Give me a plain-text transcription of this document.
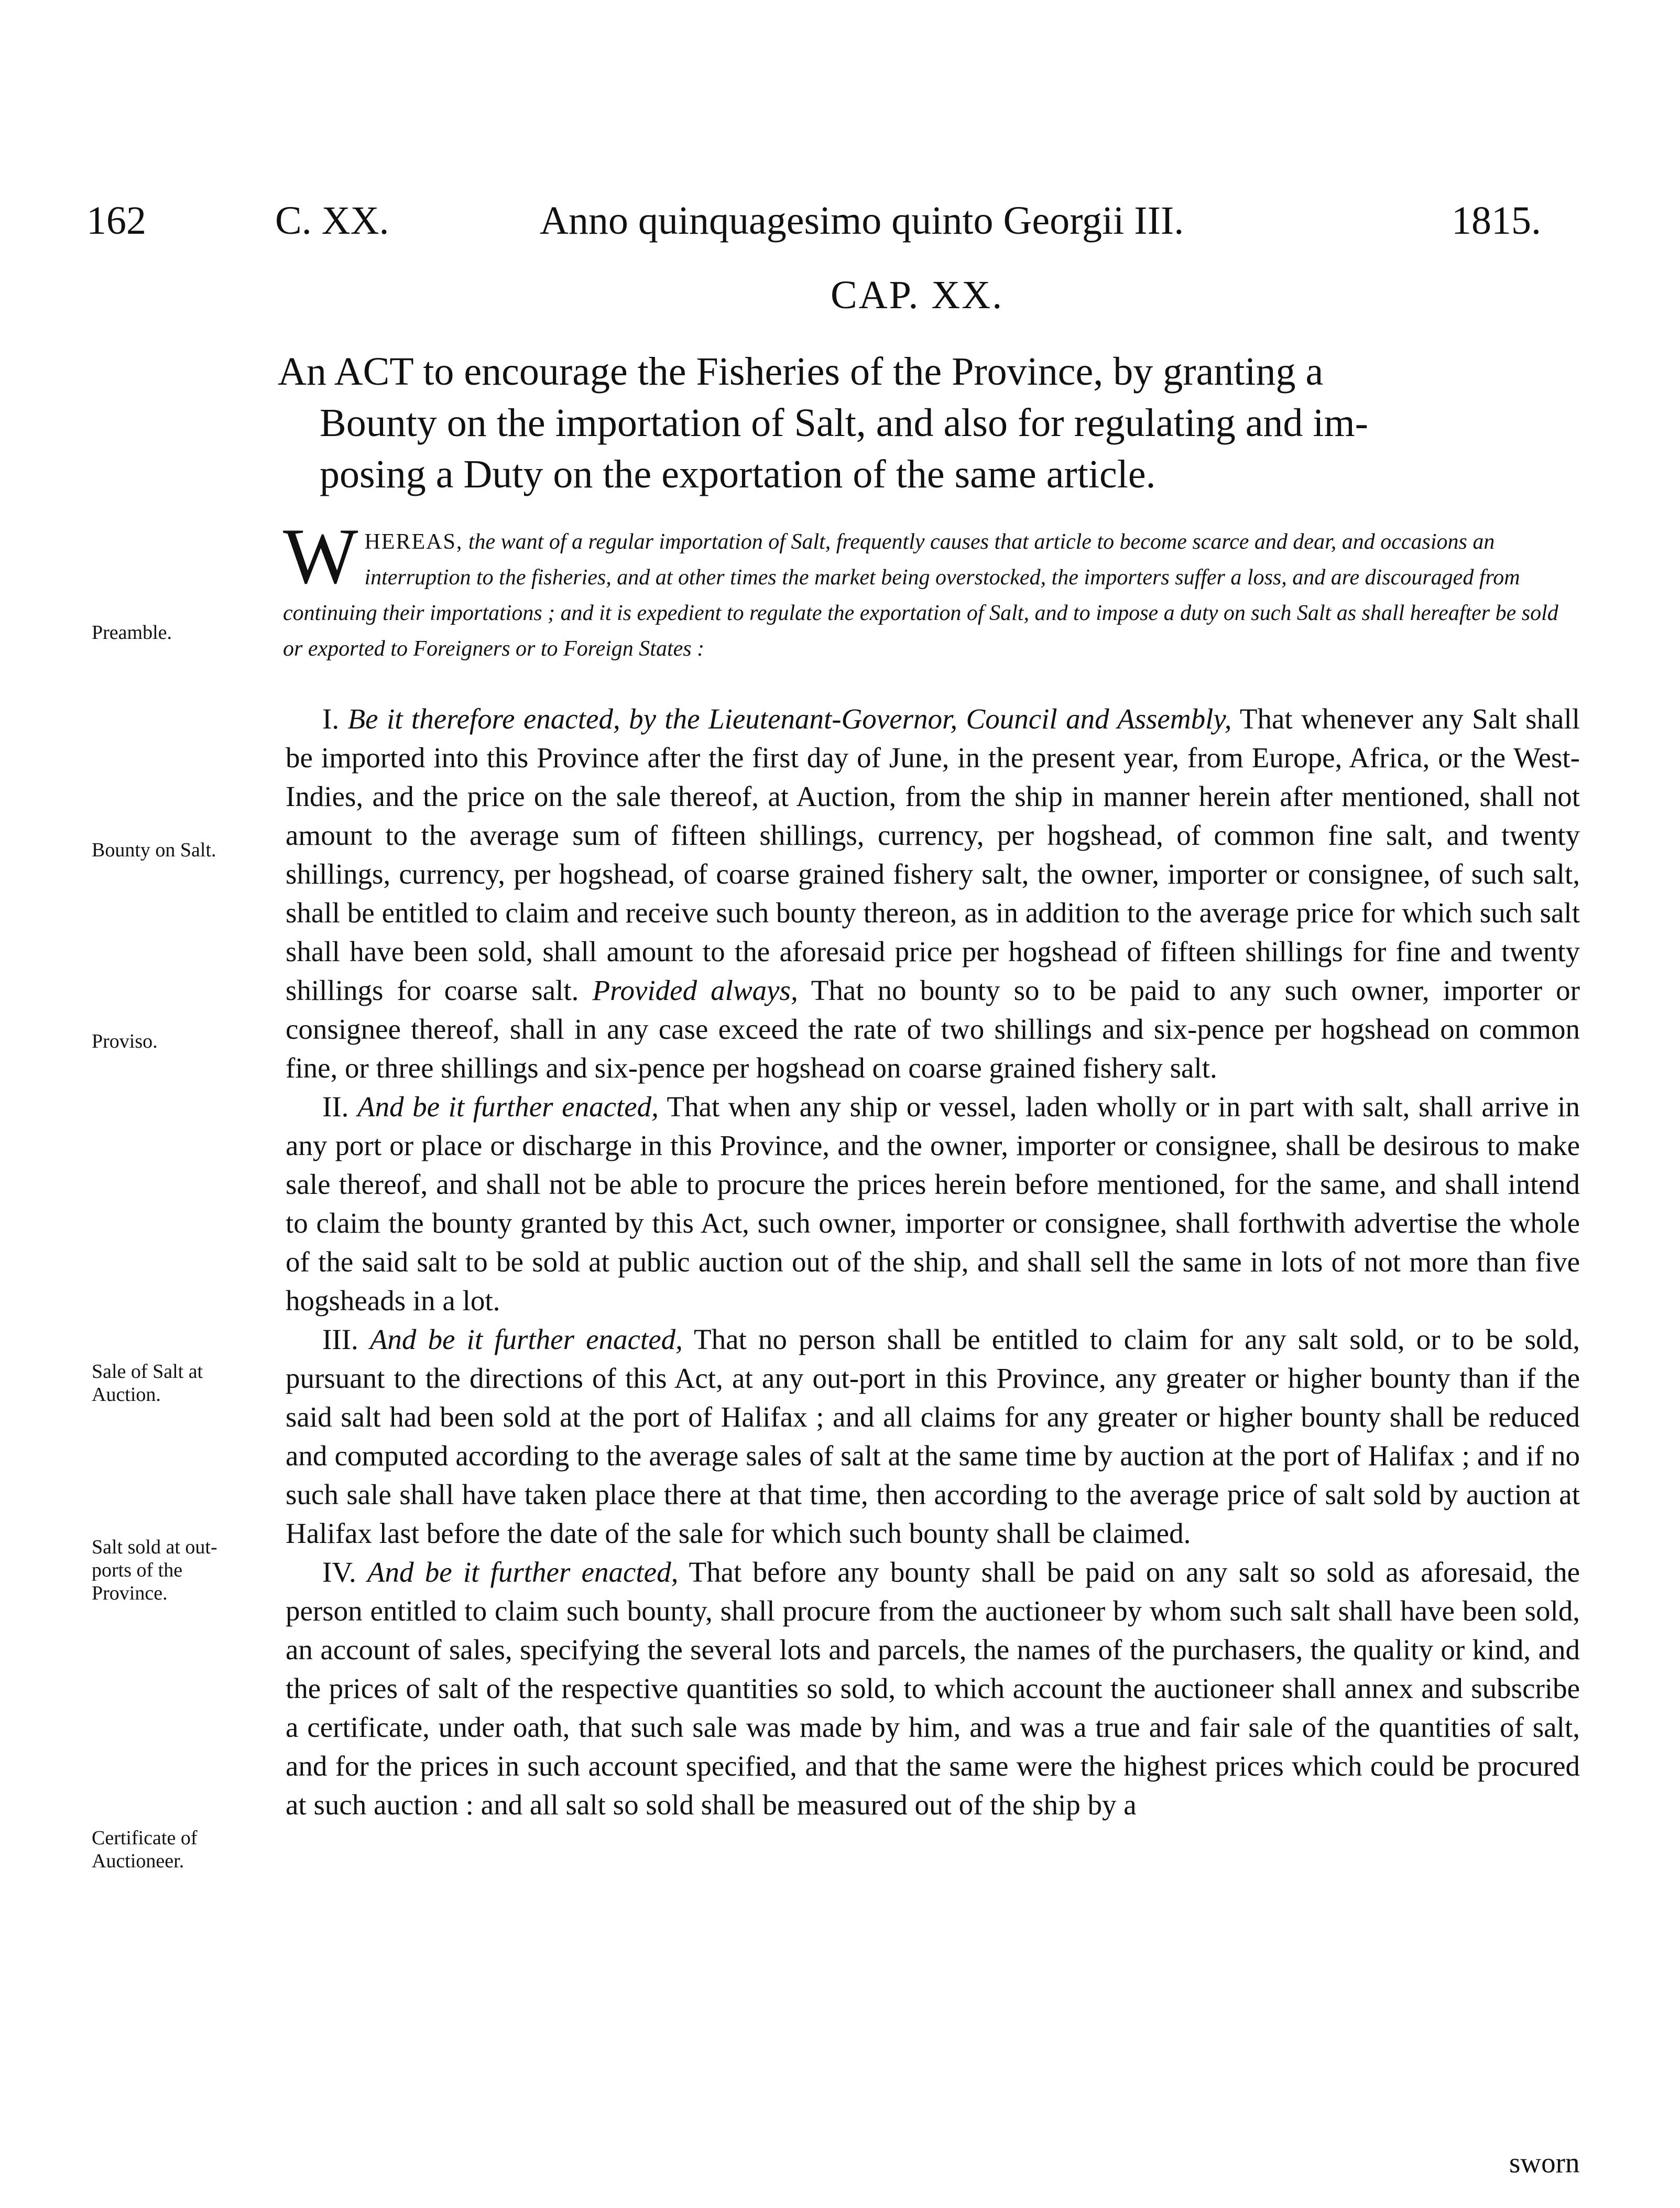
162	C. XX.	Anno quinquagesimo quinto Georgii III.	1815.
CAP. XX.
An ACT to encourage the Fisheries of the Province, by granting a
Bounty on the importation of Salt, and also for regulating and im-
posing a Duty on the exportation of the same article.
WHEREAS, the want of a regular importation of Salt, frequently causes that article to become scarce and dear, and occasions an interruption to the fisheries, and at other times the market being overstocked, the importers suffer a loss, and are discouraged from continuing their importations ; and it is expedient to regulate the exportation of Salt, and to impose a duty on such Salt as shall hereafter be sold or exported to Foreigners or to Foreign States :

I. Be it therefore enacted, by the Lieutenant-Governor, Council and Assembly, That whenever any Salt shall be imported into this Province after the first day of June, in the present year, from Europe, Africa, or the West-Indies, and the price on the sale thereof, at Auction, from the ship in manner herein after mentioned, shall not amount to the average sum of fifteen shillings, currency, per hogshead, of common fine salt, and twenty shillings, currency, per hogshead, of coarse grained fishery salt, the owner, importer or consignee, of such salt, shall be entitled to claim and receive such bounty thereon, as in addition to the average price for which such salt shall have been sold, shall amount to the aforesaid price per hogshead of fifteen shillings for fine and twenty shillings for coarse salt. Provided always, That no bounty so to be paid to any such owner, importer or consignee thereof, shall in any case exceed the rate of two shillings and six-pence per hogshead on common fine, or three shillings and six-pence per hogshead on coarse grained fishery salt.

II. And be it further enacted, That when any ship or vessel, laden wholly or in part with salt, shall arrive in any port or place or discharge in this Province, and the owner, importer or consignee, shall be desirous to make sale thereof, and shall not be able to procure the prices herein before mentioned, for the same, and shall intend to claim the bounty granted by this Act, such owner, importer or consignee, shall forthwith advertise the whole of the said salt to be sold at public auction out of the ship, and shall sell the same in lots of not more than five hogsheads in a lot.

III. And be it further enacted, That no person shall be entitled to claim for any salt sold, or to be sold, pursuant to the directions of this Act, at any out-port in this Province, any greater or higher bounty than if the said salt had been sold at the port of Halifax ; and all claims for any greater or higher bounty shall be reduced and computed according to the average sales of salt at the same time by auction at the port of Halifax ; and if no such sale shall have taken place there at that time, then according to the average price of salt sold by auction at Halifax last before the date of the sale for which such bounty shall be claimed.

IV. And be it further enacted, That before any bounty shall be paid on any salt so sold as aforesaid, the person entitled to claim such bounty, shall procure from the auctioneer by whom such salt shall have been sold, an account of sales, specifying the several lots and parcels, the names of the purchasers, the quality or kind, and the prices of salt of the respective quantities so sold, to which account the auctioneer shall annex and subscribe a certificate, under oath, that such sale was made by him, and was a true and fair sale of the quantities of salt, and for the prices in such account specified, and that the same were the highest prices which could be procured at such auction : and all salt so sold shall be measured out of the ship by a

Preamble.
Bounty on Salt.
Proviso.
Sale of Salt at
Auction.
Salt sold at out-
ports of the
Province.
Certificate of
Auctioneer.
sworn
